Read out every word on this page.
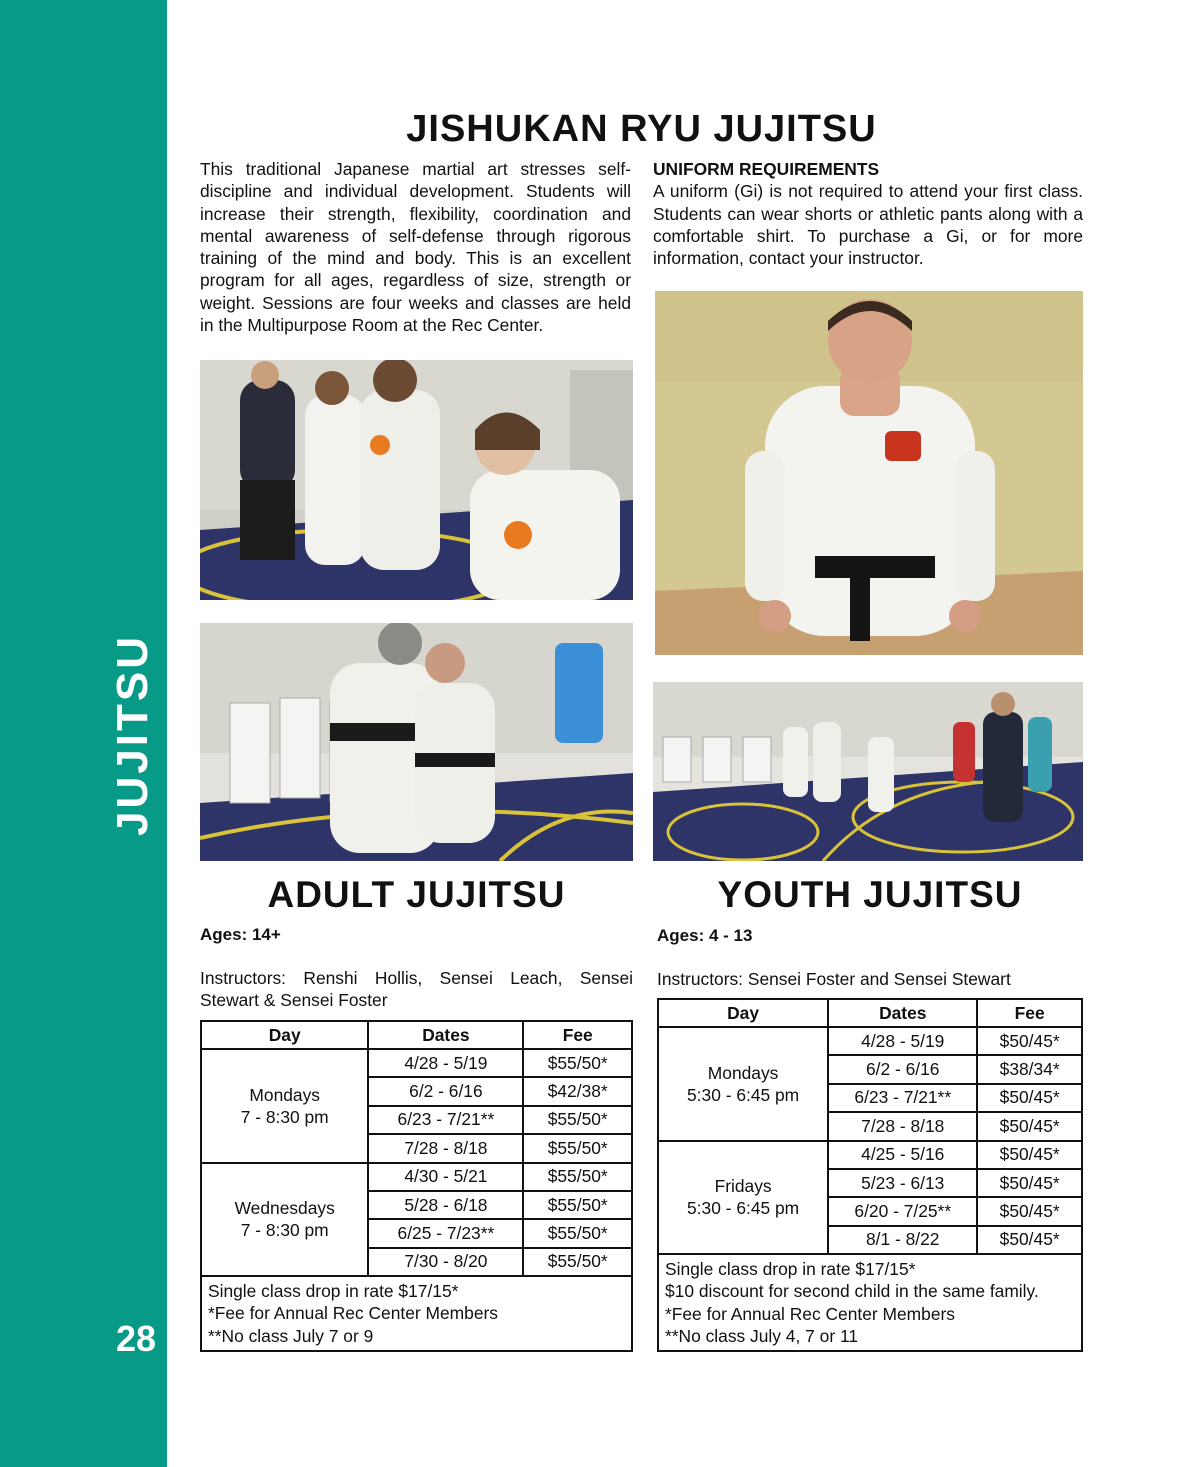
JUJITSU
28
JISHUKAN RYU JUJITSU

This traditional Japanese martial art stresses self-discipline and individual development. Students will increase their strength, flexibility, coordination and mental awareness of self-defense through rigorous training of the mind and body. This is an excellent program for all ages, regardless of size, strength or weight. Sessions are four weeks and classes are held in the Multipurpose Room at the Rec Center.

UNIFORM REQUIREMENTS
A uniform (Gi) is not required to attend your first class. Students can wear shorts or athletic pants along with a comfortable shirt. To purchase a Gi, or for more information, contact your instructor.
ADULT JUJITSU
Ages: 14+

Instructors: Renshi Hollis, Sensei Leach, Sensei Stewart & Sensei Foster

Day	Dates	Fee
Mondays
7 - 8:30 pm	4/28 - 5/19	$55/50*
	6/2 - 6/16	$42/38*
	6/23 - 7/21**	$55/50*
	7/28 - 8/18	$55/50*
Wednesdays
7 - 8:30 pm	4/30 - 5/21	$55/50*
	5/28 - 6/18	$55/50*
	6/25 - 7/23**	$55/50*
	7/30 - 8/20	$55/50*
Single class drop in rate $17/15*
*Fee for Annual Rec Center Members
**No class July 7 or 9		
YOUTH JUJITSU
Ages: 4 - 13

Instructors: Sensei Foster and Sensei Stewart

Day	Dates	Fee
Mondays
5:30 - 6:45 pm	4/28 - 5/19	$50/45*
	6/2 - 6/16	$38/34*
	6/23 - 7/21**	$50/45*
	7/28 - 8/18	$50/45*
Fridays
5:30 - 6:45 pm	4/25 - 5/16	$50/45*
	5/23 - 6/13	$50/45*
	6/20 - 7/25**	$50/45*
	8/1 - 8/22	$50/45*
Single class drop in rate $17/15*
$10 discount for second child in the same family.
*Fee for Annual Rec Center Members
**No class July 4, 7 or 11		
